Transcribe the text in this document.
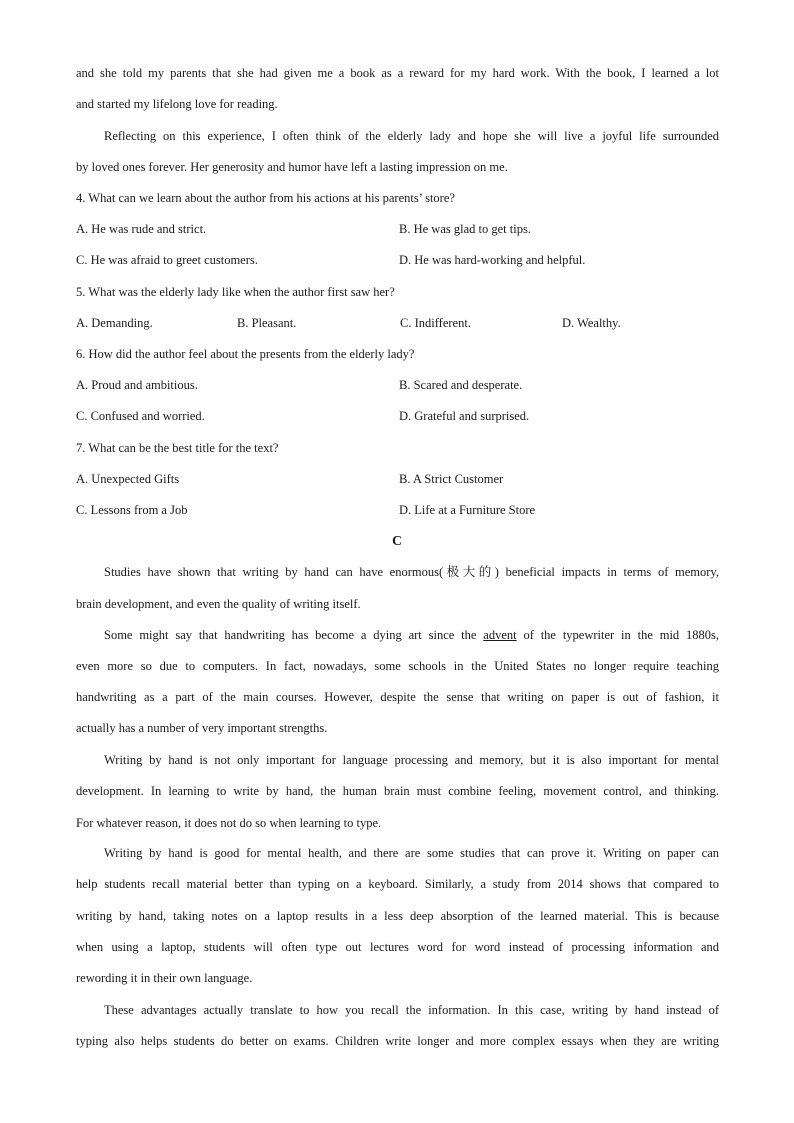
and she told my parents that she had given me a book as a reward for my hard work. With the book, I learned a lot
and started my lifelong love for reading.
Reflecting on this experience, I often think of the elderly lady and hope she will live a joyful life surrounded
by loved ones forever. Her generosity and humor have left a lasting impression on me.
4. What can we learn about the author from his actions at his parents’ store?
A. He was rude and strict.	B. He was glad to get tips.
C. He was afraid to greet customers.	D. He was hard-working and helpful.
5. What was the elderly lady like when the author first saw her?
A. Demanding.	B. Pleasant.	C. Indifferent.	D. Wealthy.
6. How did the author feel about the presents from the elderly lady?
A. Proud and ambitious.	B. Scared and desperate.
C. Confused and worried.	D. Grateful and surprised.
7. What can be the best title for the text?
A. Unexpected Gifts	B. A Strict Customer
C. Lessons from a Job	D. Life at a Furniture Store
C
Studies have shown that writing by hand can have enormous(极大的) beneficial impacts in terms of memory,
brain development, and even the quality of writing itself.
Some might say that handwriting has become a dying art since the advent of the typewriter in the mid 1880s,
even more so due to computers. In fact, nowadays, some schools in the United States no longer require teaching
handwriting as a part of the main courses. However, despite the sense that writing on paper is out of fashion, it
actually has a number of very important strengths.
Writing by hand is not only important for language processing and memory, but it is also important for mental
development. In learning to write by hand, the human brain must combine feeling, movement control, and thinking.
For whatever reason, it does not do so when learning to type.
Writing by hand is good for mental health, and there are some studies that can prove it. Writing on paper can
help students recall material better than typing on a keyboard. Similarly, a study from 2014 shows that compared to
writing by hand, taking notes on a laptop results in a less deep absorption of the learned material. This is because
when using a laptop, students will often type out lectures word for word instead of processing information and
rewording it in their own language.
These advantages actually translate to how you recall the information. In this case, writing by hand instead of
typing also helps students do better on exams. Children write longer and more complex essays when they are writing
